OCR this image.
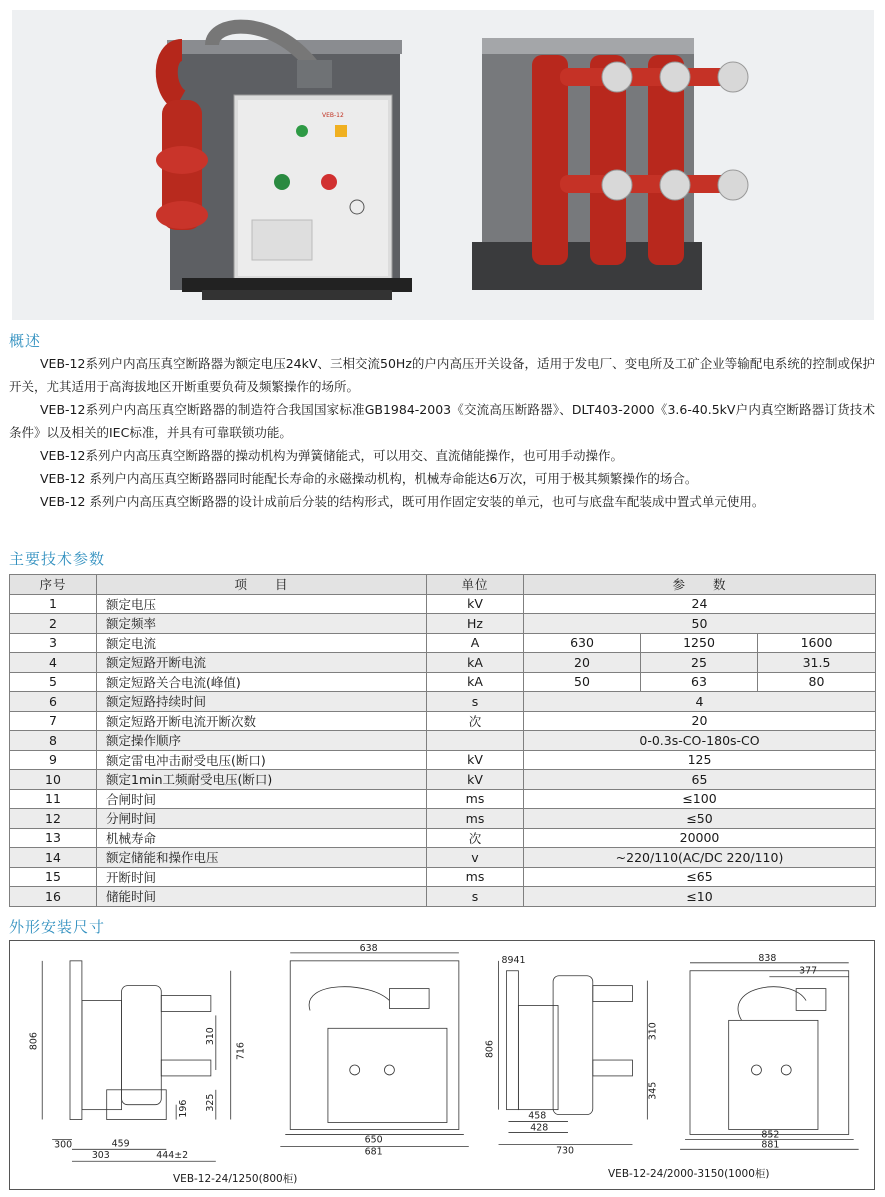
VEB-12
概述

VEB-12系列户内高压真空断路器为额定电压24kV、三相交流50Hz的户内高压开关设备，适用于发电厂、变电所及工矿企业等输配电系统的控制或保护开关，尤其适用于高海拔地区开断重要负荷及频繁操作的场所。

VEB-12系列户内高压真空断路器的制造符合我国国家标准GB1984-2003《交流高压断路器》、DLT403-2000《3.6-40.5kV户内真空断路器订货技术条件》以及相关的IEC标准，并具有可靠联锁功能。

VEB-12系列户内高压真空断路器的操动机构为弹簧储能式，可以用交、直流储能操作，也可用手动操作。

VEB-12 系列户内高压真空断路器同时能配长寿命的永磁操动机构，机械寿命能达6万次，可用于极其频繁操作的场合。

VEB-12 系列户内高压真空断路器的设计成前后分装的结构形式，既可用作固定安装的单元，也可与底盘车配装成中置式单元使用。

主要技术参数
序号	项　　目	单位	参　　数		
1	额定电压	kV	24		
2	额定频率	Hz	50		
3	额定电流	A	630	1250	1600
4	额定短路开断电流	kA	20	25	31.5
5	额定短路关合电流(峰值)	kA	50	63	80
6	额定短路持续时间	s	4		
7	额定短路开断电流开断次数	次	20		
8	额定操作顺序		0-0.3s-CO-180s-CO		
9	额定雷电冲击耐受电压(断口)	kV	125		
10	额定1min工频耐受电压(断口)	kV	65		
11	合闸时间	ms	≤100		
12	分闸时间	ms	≤50		
13	机械寿命	次	20000		
14	额定储能和操作电压	v	~220/110(AC/DC 220/110)		
15	开断时间	ms	≤65		
16	储能时间	s	≤10		
外形安装尺寸
806
716
310
325
196
300	459
303	444±2
638
650
681
8941
806
310
345
458
428
730
838
377
852
881
VEB-12-24/1250(800柜)	VEB-12-24/2000-3150(1000柜)
